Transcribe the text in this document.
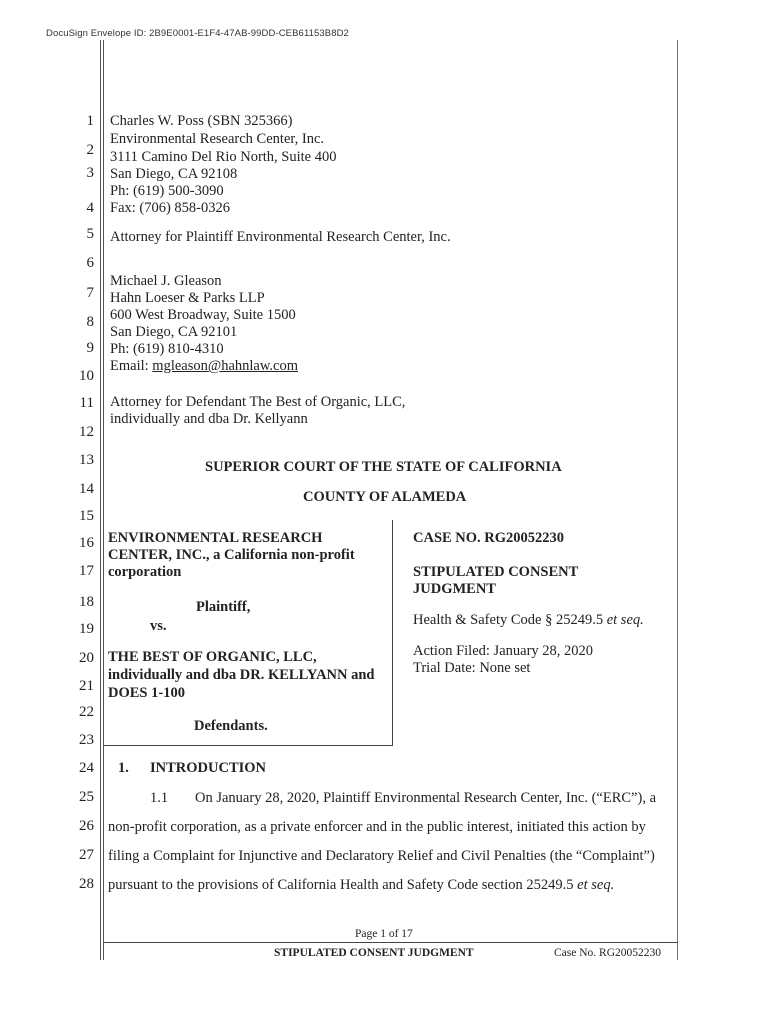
DocuSign Envelope ID: 2B9E0001-E1F4-47AB-99DD-CEB61153B8D2
1
2
3
4
5
6
7
8
9
10
11
12
13
14
15
16
17
18
19
20
21
22
23
24
25
26
27
28
Charles W. Poss (SBN 325366)
Environmental Research Center, Inc.
3111 Camino Del Rio North, Suite 400
San Diego, CA 92108
Ph: (619) 500-3090
Fax: (706) 858-0326
Attorney for Plaintiff Environmental Research Center, Inc.
Michael J. Gleason
Hahn Loeser & Parks LLP
600 West Broadway, Suite 1500
San Diego, CA 92101
Ph: (619) 810-4310
Email: mgleason@hahnlaw.com
Attorney for Defendant The Best of Organic, LLC,
individually and dba Dr. Kellyann
SUPERIOR COURT OF THE STATE OF CALIFORNIA
COUNTY OF ALAMEDA
ENVIRONMENTAL RESEARCH
CENTER, INC., a California non-profit
corporation
Plaintiff,
vs.
THE BEST OF ORGANIC, LLC,
individually and dba DR. KELLYANN and
DOES 1-100
Defendants.
CASE NO. RG20052230
STIPULATED CONSENT
JUDGMENT
Health & Safety Code § 25249.5 et seq.
Action Filed: January 28, 2020
Trial Date: None set
1. INTRODUCTION
1.1 On January 28, 2020, Plaintiff Environmental Research Center, Inc. (“ERC”), a
non-profit corporation, as a private enforcer and in the public interest, initiated this action by
filing a Complaint for Injunctive and Declaratory Relief and Civil Penalties (the “Complaint”)
pursuant to the provisions of California Health and Safety Code section 25249.5 et seq.
Page 1 of 17
STIPULATED CONSENT JUDGMENT	Case No. RG20052230
